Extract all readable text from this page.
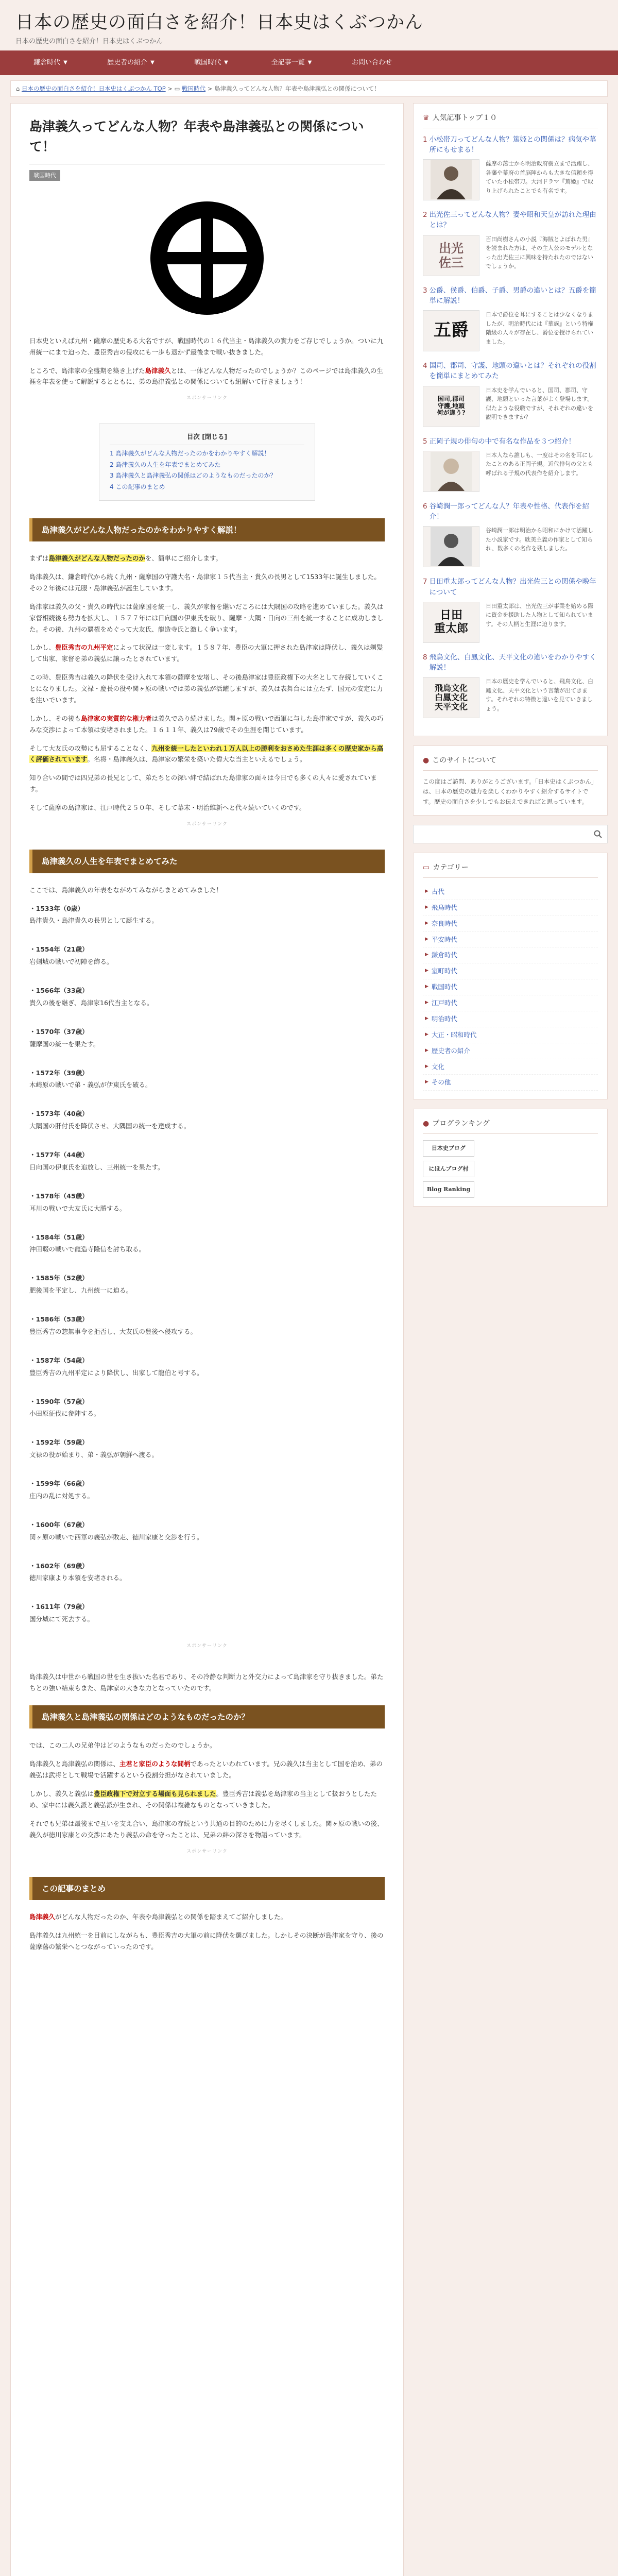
日本の歴史の面白さを紹介！日本史はくぶつかん
日本の歴史の面白さを紹介！日本史はくぶつかん
鎌倉時代 ▼	歴史者の紹介 ▼	戦国時代 ▼	全記事一覧 ▼	お問い合わせ
⌂ 日本の歴史の面白さを紹介！日本史はくぶつかん TOP > ▭ 戦国時代 > 島津義久ってどんな人物？年表や島津義弘との関係について！
島津義久ってどんな人物？年表や島津義弘との関係について！
戦国時代

日本史といえば九州・薩摩の歴史ある大名ですが、戦国時代の１６代当主・島津義久の實力をご存じでしょうか。ついに九州統一にまで迫った、豊臣秀吉の侵攻にも一歩も退かず最後まで戦い抜きました。

ところで、島津家の全盛期を築き上げた島津義久とは、一体どんな人物だったのでしょうか？このページでは島津義久の生涯を年表を使って解説するとともに、弟の島津義弘との関係についても紐解いて行きましょう！

スポンサーリンク
目次 [閉じる]
1 島津義久がどんな人物だったのかをわかりやすく解説！
2 島津義久の人生を年表でまとめてみた
3 島津義久と島津義弘の関係はどのようなものだったのか？
4 この記事のまとめ
島津義久がどんな人物だったのかをわかりやすく解説！

まずは島津義久がどんな人物だったのかを、簡単にご紹介します。

島津義久は、鎌倉時代から続く九州・薩摩国の守護大名・島津家１５代当主・貴久の長男として1533年に誕生しました。その２年後には元服・島津義弘が誕生しています。

島津家は義久の父・貴久の時代には薩摩国を統一し、義久が家督を継いだころには大隅国の攻略を進めていました。義久は家督相続後も勢力を拡大し、１５７７年には日向国の伊東氏を破り、薩摩・大隅・日向の三州を統一することに成功しました。その後、九州の覇権をめぐって大友氏、龍造寺氏と激しく争います。

しかし、豊臣秀吉の九州平定によって状況は一変します。１５８７年、豊臣の大軍に押された島津家は降伏し、義久は剃髪して出家、家督を弟の義弘に譲ったとされています。

この時、豊臣秀吉は義久の降伏を受け入れて本領の薩摩を安堵し、その後島津家は豊臣政権下の大名として存続していくことになりました。文禄・慶長の役や関ヶ原の戦いでは弟の義弘が活躍しますが、義久は表舞台には立たず、国元の安定に力を注いでいます。

しかし、その後も島津家の実質的な権力者は義久であり続けました。関ヶ原の戦いで西軍に与した島津家ですが、義久の巧みな交渉によって本領は安堵されました。１６１１年、義久は79歳でその生涯を閉じています。

そして大友氏の攻勢にも屈することなく、九州を統一したといわれ１万人以上の勝利をおさめた生涯は多くの歴史家から高く評価されています。名将・島津義久は、島津家の繁栄を築いた偉大な当主といえるでしょう。

知り合いの間では四兄弟の長兄として、弟たちとの深い絆で結ばれた島津家の面々は今日でも多くの人々に愛されています。

そして薩摩の島津家は、江戸時代２５０年、そして幕末・明治維新へと代々続いていくのです。

スポンサーリンク
島津義久の人生を年表でまとめてみた

ここでは、島津義久の年表をながめてみながらまとめてみました！

・1533年（0歳）
島津貴久・島津貴久の長男として誕生する。
・1554年（21歳）
岩剣城の戦いで初陣を飾る。
・1566年（33歳）
貴久の後を継ぎ、島津家16代当主となる。
・1570年（37歳）
薩摩国の統一を果たす。
・1572年（39歳）
木崎原の戦いで弟・義弘が伊東氏を破る。
・1573年（40歳）
大隅国の肝付氏を降伏させ、大隅国の統一を達成する。
・1577年（44歳）
日向国の伊東氏を追放し、三州統一を果たす。
・1578年（45歳）
耳川の戦いで大友氏に大勝する。
・1584年（51歳）
沖田畷の戦いで龍造寺隆信を討ち取る。
・1585年（52歳）
肥後国を平定し、九州統一に迫る。
・1586年（53歳）
豊臣秀吉の惣無事令を拒否し、大友氏の豊後へ侵攻する。
・1587年（54歳）
豊臣秀吉の九州平定により降伏し、出家して龍伯と号する。
・1590年（57歳）
小田原征伐に参陣する。
・1592年（59歳）
文禄の役が始まり、弟・義弘が朝鮮へ渡る。
・1599年（66歳）
庄内の乱に対処する。
・1600年（67歳）
関ヶ原の戦いで西軍の義弘が敗走、徳川家康と交渉を行う。
・1602年（69歳）
徳川家康より本領を安堵される。
・1611年（79歳）
国分城にて死去する。
スポンサーリンク

島津義久は中世から戦国の世を生き抜いた名君であり、その冷静な判断力と外交力によって島津家を守り抜きました。弟たちとの強い結束もまた、島津家の大きな力となっていたのです。

島津義久と島津義弘の関係はどのようなものだったのか？

では、この二人の兄弟仲はどのようなものだったのでしょうか。

島津義久と島津義弘の関係は、主君と家臣のような間柄であったといわれています。兄の義久は当主として国を治め、弟の義弘は武将として戦場で活躍するという役割分担がなされていました。

しかし、義久と義弘は豊臣政権下で対立する場面も見られました。豊臣秀吉は義弘を島津家の当主として扱おうとしたため、家中には義久派と義弘派が生まれ、その関係は複雑なものとなっていきました。

それでも兄弟は最後まで互いを支え合い、島津家の存続という共通の目的のために力を尽くしました。関ヶ原の戦いの後、義久が徳川家康との交渉にあたり義弘の命を守ったことは、兄弟の絆の深さを物語っています。

スポンサーリンク
この記事のまとめ

島津義久がどんな人物だったのか、年表や島津義弘との関係を踏まえてご紹介しました。

島津義久は九州統一を目前にしながらも、豊臣秀吉の大軍の前に降伏を選びました。しかしその決断が島津家を守り、後の薩摩藩の繁栄へとつながっていったのです。

♛ 人気記事トップ１０
1 小松帯刀ってどんな人物？篤姫との関係は？病気や墓所にもせまる！
薩摩の藩士から明治政府樹立まで活躍し、各藩や幕府の首脳陣からも大きな信頼を得ていた小松帯刀。大河ドラマ『篤姫』で取り上げられたことでも有名です。
2 出光佐三ってどんな人物？妻や昭和天皇が訪れた理由とは？
出光
佐三
百田尚樹さんの小説『海賊とよばれた男』を読まれた方は、その主人公のモデルとなった出光佐三に興味を持たれたのではないでしょうか。
3 公爵、侯爵、伯爵、子爵、男爵の違いとは？五爵を簡単に解説！
五爵
日本で爵位を耳にすることは少なくなりましたが、明治時代には『華族』という特権階級の人々が存在し、爵位を授けられていました。
4 国司、郡司、守護、地頭の違いとは？それぞれの役割を簡単にまとめてみた
国司,郡司
守護,地頭
何が違う?
日本史を学んでいると、国司、郡司、守護、地頭といった言葉がよく登場します。似たような役職ですが、それぞれの違いを説明できますか？
5 正岡子規の俳句の中で有名な作品を３つ紹介！
日本人なら誰しも、一度はその名を耳にしたことのある正岡子規。近代俳句の父とも呼ばれる子規の代表作を紹介します。
6 谷崎潤一郎ってどんな人？年表や性格、代表作を紹介！
谷崎潤一郎は明治から昭和にかけて活躍した小説家です。耽美主義の作家として知られ、数多くの名作を残しました。
7 日田重太郎ってどんな人物？出光佐三との関係や晩年について
日田
重太郎
日田重太郎は、出光佐三が事業を始める際に資金を援助した人物として知られています。その人柄と生涯に迫ります。
8 飛鳥文化、白鳳文化、天平文化の違いをわかりやすく解説！
飛鳥文化
白鳳文化
天平文化
日本の歴史を学んでいると、飛鳥文化、白鳳文化、天平文化という言葉が出てきます。それぞれの特徴と違いを見ていきましょう。
● このサイトについて
この度はご訪問、ありがとうございます。「日本史はくぶつかん」は、日本の歴史の魅力を楽しくわかりやすく紹介するサイトです。歴史の面白さを少しでもお伝えできればと思っています。
▭ カテゴリー
▶ 古代
▶ 飛鳥時代
▶ 奈良時代
▶ 平安時代
▶ 鎌倉時代
▶ 室町時代
▶ 戦国時代
▶ 江戸時代
▶ 明治時代
▶ 大正・昭和時代
▶ 歴史者の紹介
▶ 文化
▶ その他
● ブログランキング
日本史ブログ
にほんブログ村
Blog Ranking
